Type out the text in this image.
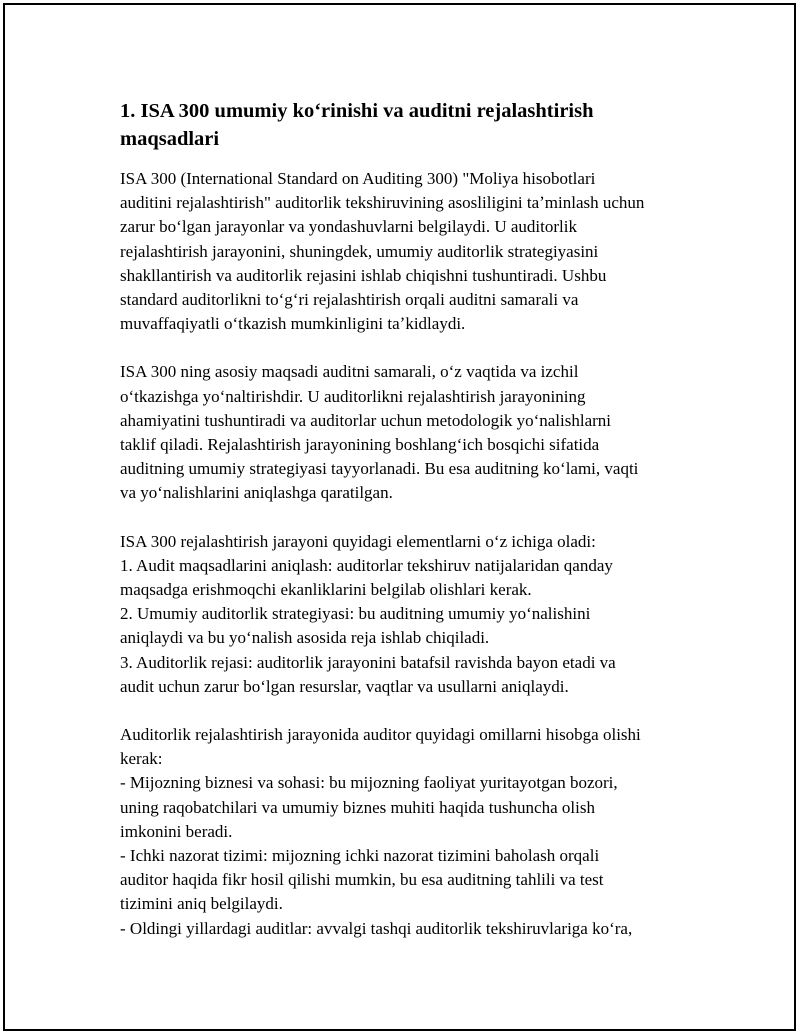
1. ISA 300 umumiy koʻrinishi va auditni rejalashtirish
maqsadlari

ISA 300 (International Standard on Auditing 300) "Moliya hisobotlari
auditini rejalashtirish" auditorlik tekshiruvining asosliligini taʼminlash uchun
zarur boʻlgan jarayonlar va yondashuvlarni belgilaydi. U auditorlik
rejalashtirish jarayonini, shuningdek, umumiy auditorlik strategiyasini
shakllantirish va auditorlik rejasini ishlab chiqishni tushuntiradi. Ushbu
standard auditorlikni toʻgʻri rejalashtirish orqali auditni samarali va
muvaffaqiyatli oʻtkazish mumkinligini taʼkidlaydi.

ISA 300 ning asosiy maqsadi auditni samarali, oʻz vaqtida va izchil
oʻtkazishga yoʻnaltirishdir. U auditorlikni rejalashtirish jarayonining
ahamiyatini tushuntiradi va auditorlar uchun metodologik yoʻnalishlarni
taklif qiladi. Rejalashtirish jarayonining boshlangʻich bosqichi sifatida
auditning umumiy strategiyasi tayyorlanadi. Bu esa auditning koʻlami, vaqti
va yoʻnalishlarini aniqlashga qaratilgan.

ISA 300 rejalashtirish jarayoni quyidagi elementlarni oʻz ichiga oladi:
1. Audit maqsadlarini aniqlash: auditorlar tekshiruv natijalaridan qanday
maqsadga erishmoqchi ekanliklarini belgilab olishlari kerak.
2. Umumiy auditorlik strategiyasi: bu auditning umumiy yoʻnalishini
aniqlaydi va bu yoʻnalish asosida reja ishlab chiqiladi.
3. Auditorlik rejasi: auditorlik jarayonini batafsil ravishda bayon etadi va
audit uchun zarur boʻlgan resurslar, vaqtlar va usullarni aniqlaydi.

Auditorlik rejalashtirish jarayonida auditor quyidagi omillarni hisobga olishi
kerak:
- Mijozning biznesi va sohasi: bu mijozning faoliyat yuritayotgan bozori,
uning raqobatchilari va umumiy biznes muhiti haqida tushuncha olish
imkonini beradi.
- Ichki nazorat tizimi: mijozning ichki nazorat tizimini baholash orqali
auditor haqida fikr hosil qilishi mumkin, bu esa auditning tahlili va test
tizimini aniq belgilaydi.
- Oldingi yillardagi auditlar: avvalgi tashqi auditorlik tekshiruvlariga koʻra,
